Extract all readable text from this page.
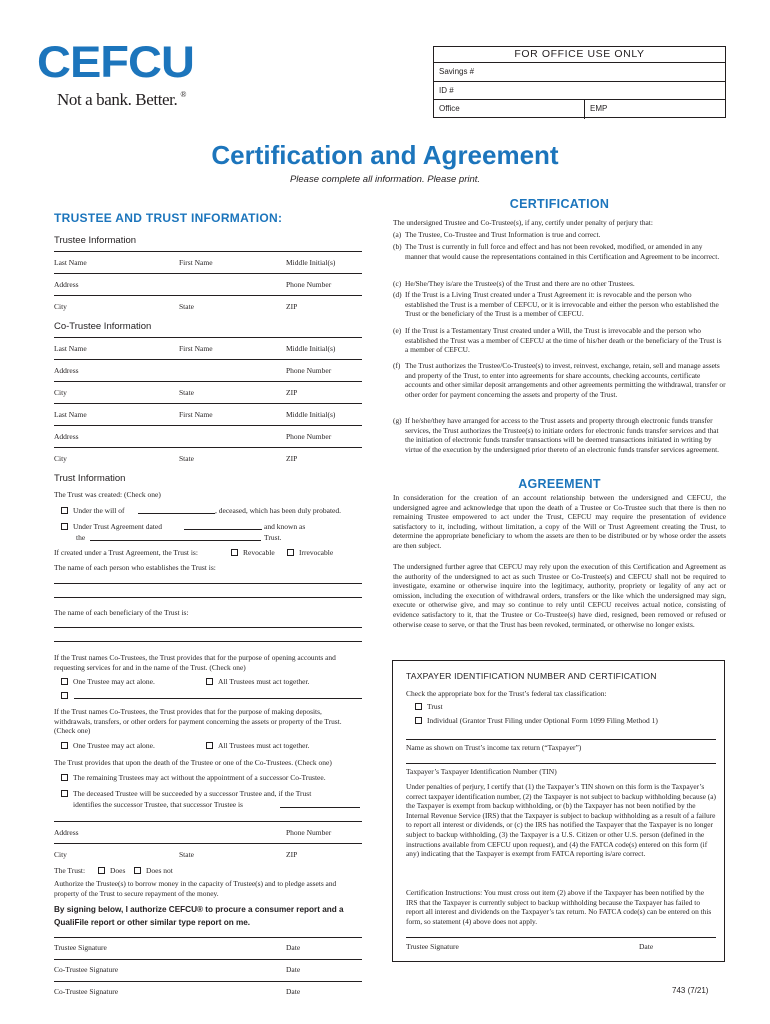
CEFCU
Not a bank. Better. ®
FOR OFFICE USE ONLY
Savings #
ID #
Office	EMP
Certification and Agreement
Please complete all information. Please print.
TRUSTEE AND TRUST INFORMATION:
Trustee Information
Last Name	First Name	Middle Initial(s)
Address	Phone Number
City	State	ZIP
Co-Trustee Information
Last Name	First Name	Middle Initial(s)
Address	Phone Number
City	State	ZIP
Last Name	First Name	Middle Initial(s)
Address	Phone Number
City	State	ZIP
Trust Information
The Trust was created: (Check one)
Under the will of	, deceased, which has been duly probated.
Under Trust Agreement dated	and known as
the	Trust.
If created under a Trust Agreement, the Trust is:	Revocable	Irrevocable
The name of each person who establishes the Trust is:
The name of each beneficiary of the Trust is:
If the Trust names Co-Trustees, the Trust provides that for the purpose of opening accounts and requesting services for and in the name of the Trust. (Check one)
One Trustee may act alone.	All Trustees must act together.
If the Trust names Co-Trustees, the Trust provides that for the purpose of making deposits, withdrawals, transfers, or other orders for payment concerning the assets or property of the Trust. (Check one)
One Trustee may act alone.	All Trustees must act together.
The Trust provides that upon the death of the Trustee or one of the Co-Trustees. (Check one)
The remaining Trustees may act without the appointment of a successor Co-Trustee.
The deceased Trustee will be succeeded by a successor Trustee and, if the Trust
identifies the successor Trustee, that successor Trustee is
Address	Phone Number
City	State	ZIP
The Trust:	Does	Does not
Authorize the Trustee(s) to borrow money in the capacity of Trustee(s) and to pledge assets and property of the Trust to secure repayment of the money.
By signing below, I authorize CEFCU® to procure a consumer report and a QualiFile report or other similar type report on me.
Trustee Signature	Date
Co-Trustee Signature	Date
Co-Trustee Signature	Date
CERTIFICATION
The undersigned Trustee and Co-Trustee(s), if any, certify under penalty of perjury that:
(a) The Trustee, Co-Trustee and Trust Information is true and correct.
(b) The Trust is currently in full force and effect and has not been revoked, modified, or amended in any manner that would cause the representations contained in this Certification and Agreement to be incorrect.
(c) He/She/They is/are the Trustee(s) of the Trust and there are no other Trustees.
(d) If the Trust is a Living Trust created under a Trust Agreement it: is revocable and the person who established the Trust is a member of CEFCU, or it is irrevocable and either the person who established the Trust or the beneficiary of the Trust is a member of CEFCU.
(e) If the Trust is a Testamentary Trust created under a Will, the Trust is irrevocable and the person who established the Trust was a member of CEFCU at the time of his/her death or the beneficiary of the Trust is a member of CEFCU.
(f) The Trust authorizes the Trustee/Co-Trustee(s) to invest, reinvest, exchange, retain, sell and manage assets and property of the Trust, to enter into agreements for share accounts, checking accounts, certificate accounts and other similar deposit arrangements and other agreements permitting the withdrawal, transfer or other order for payment concerning the assets and property of the Trust.
(g) If he/she/they have arranged for access to the Trust assets and property through electronic funds transfer services, the Trust authorizes the Trustee(s) to initiate orders for electronic funds transfer services and that the initiation of electronic funds transfer transactions will be deemed transactions initiated in writing by virtue of the execution by the undersigned prior thereto of an electronic funds transfer services agreement.
AGREEMENT
In consideration for the creation of an account relationship between the undersigned and CEFCU, the undersigned agree and acknowledge that upon the death of a Trustee or Co-Trustee such that there is then no remaining Trustee empowered to act under the Trust, CEFCU may require the presentation of evidence satisfactory to it, including, without limitation, a copy of the Will or Trust Agreement creating the Trust, to determine the appropriate beneficiary to whom the assets are then to be distributed or by whose order the assets are then subject.
The undersigned further agree that CEFCU may rely upon the execution of this Certification and Agreement as the authority of the undersigned to act as such Trustee or Co-Trustee(s) and CEFCU shall not be required to investigate, examine or otherwise inquire into the legitimacy, authority, propriety or legality of any act or omission, including the execution of withdrawal orders, transfers or the like which the undersigned may sign, execute or otherwise give, and may so continue to rely until CEFCU receives actual notice, consisting of evidence satisfactory to it, that the Trustee or Co-Trustee(s) have died, resigned, been removed or refused or otherwise cease to serve, or that the Trust has been revoked, terminated, or otherwise no longer exists.
TAXPAYER IDENTIFICATION NUMBER AND CERTIFICATION
Check the appropriate box for the Trust’s federal tax classification:
Trust
Individual (Grantor Trust Filing under Optional Form 1099 Filing Method 1)
Name as shown on Trust’s income tax return (“Taxpayer”)
Taxpayer’s Taxpayer Identification Number (TIN)
Under penalties of perjury, I certify that (1) the Taxpayer’s TIN shown on this form is the Taxpayer’s correct taxpayer identification number, (2) the Taxpayer is not subject to backup withholding because (a) the Taxpayer is exempt from backup withholding, or (b) the Taxpayer has not been notified by the Internal Revenue Service (IRS) that the Taxpayer is subject to backup withholding as a result of a failure to report all interest or dividends, or (c) the IRS has notified the Taxpayer that the Taxpayer is no longer subject to backup withholding, (3) the Taxpayer is a U.S. Citizen or other U.S. person (defined in the instructions available from CEFCU upon request), and (4) the FATCA code(s) entered on this form (if any) indicating that the Taxpayer is exempt from FATCA reporting is/are correct.
Certification Instructions: You must cross out item (2) above if the Taxpayer has been notified by the IRS that the Taxpayer is currently subject to backup withholding because the Taxpayer has failed to report all interest and dividends on the Taxpayer’s tax return. No FATCA code(s) can be entered on this form, so statement (4) above does not apply.
Trustee Signature	Date
743 (7/21)
